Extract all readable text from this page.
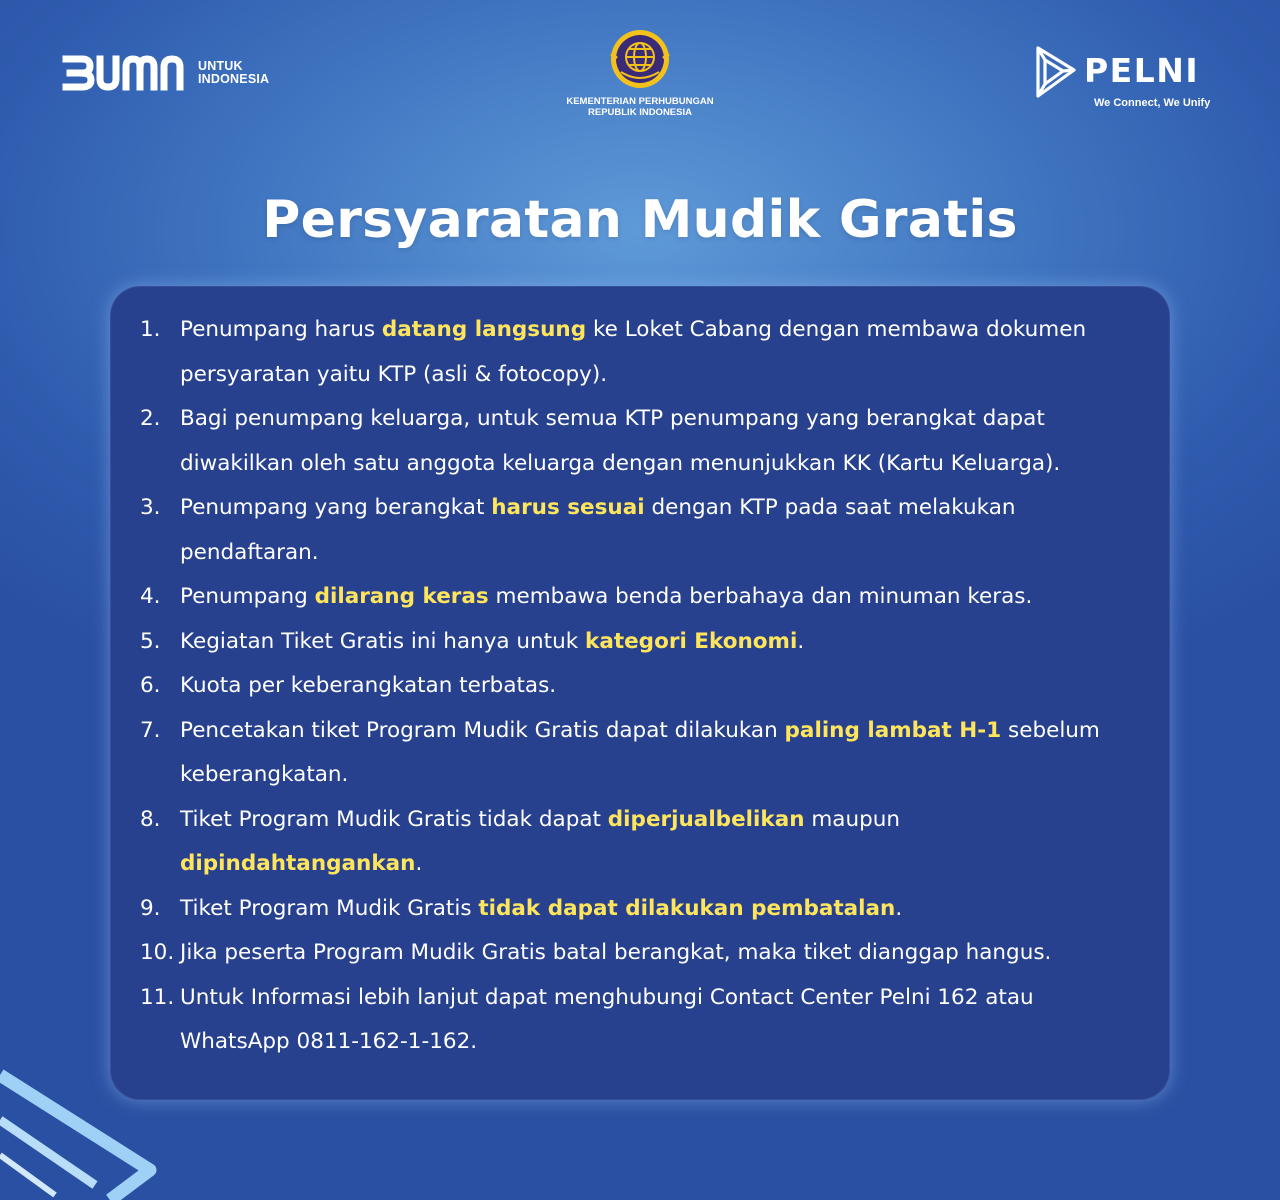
UNTUK
INDONESIA
KEMENTERIAN PERHUBUNGAN
REPUBLIK INDONESIA
PELNI
We Connect, We Unify
Persyaratan Mudik Gratis
1. Penumpang harus datang langsung ke Loket Cabang dengan membawa dokumen persyaratan yaitu KTP (asli & fotocopy).
2. Bagi penumpang keluarga, untuk semua KTP penumpang yang berangkat dapat diwakilkan oleh satu anggota keluarga dengan menunjukkan KK (Kartu Keluarga).
3. Penumpang yang berangkat harus sesuai dengan KTP pada saat melakukan pendaftaran.
4. Penumpang dilarang keras membawa benda berbahaya dan minuman keras.
5. Kegiatan Tiket Gratis ini hanya untuk kategori Ekonomi.
6. Kuota per keberangkatan terbatas.
7. Pencetakan tiket Program Mudik Gratis dapat dilakukan paling lambat H-1 sebelum keberangkatan.
8. Tiket Program Mudik Gratis tidak dapat diperjualbelikan maupun dipindahtangankan.
9. Tiket Program Mudik Gratis tidak dapat dilakukan pembatalan.
10. Jika peserta Program Mudik Gratis batal berangkat, maka tiket dianggap hangus.
11. Untuk Informasi lebih lanjut dapat menghubungi Contact Center Pelni 162 atau WhatsApp 0811-162-1-162.
